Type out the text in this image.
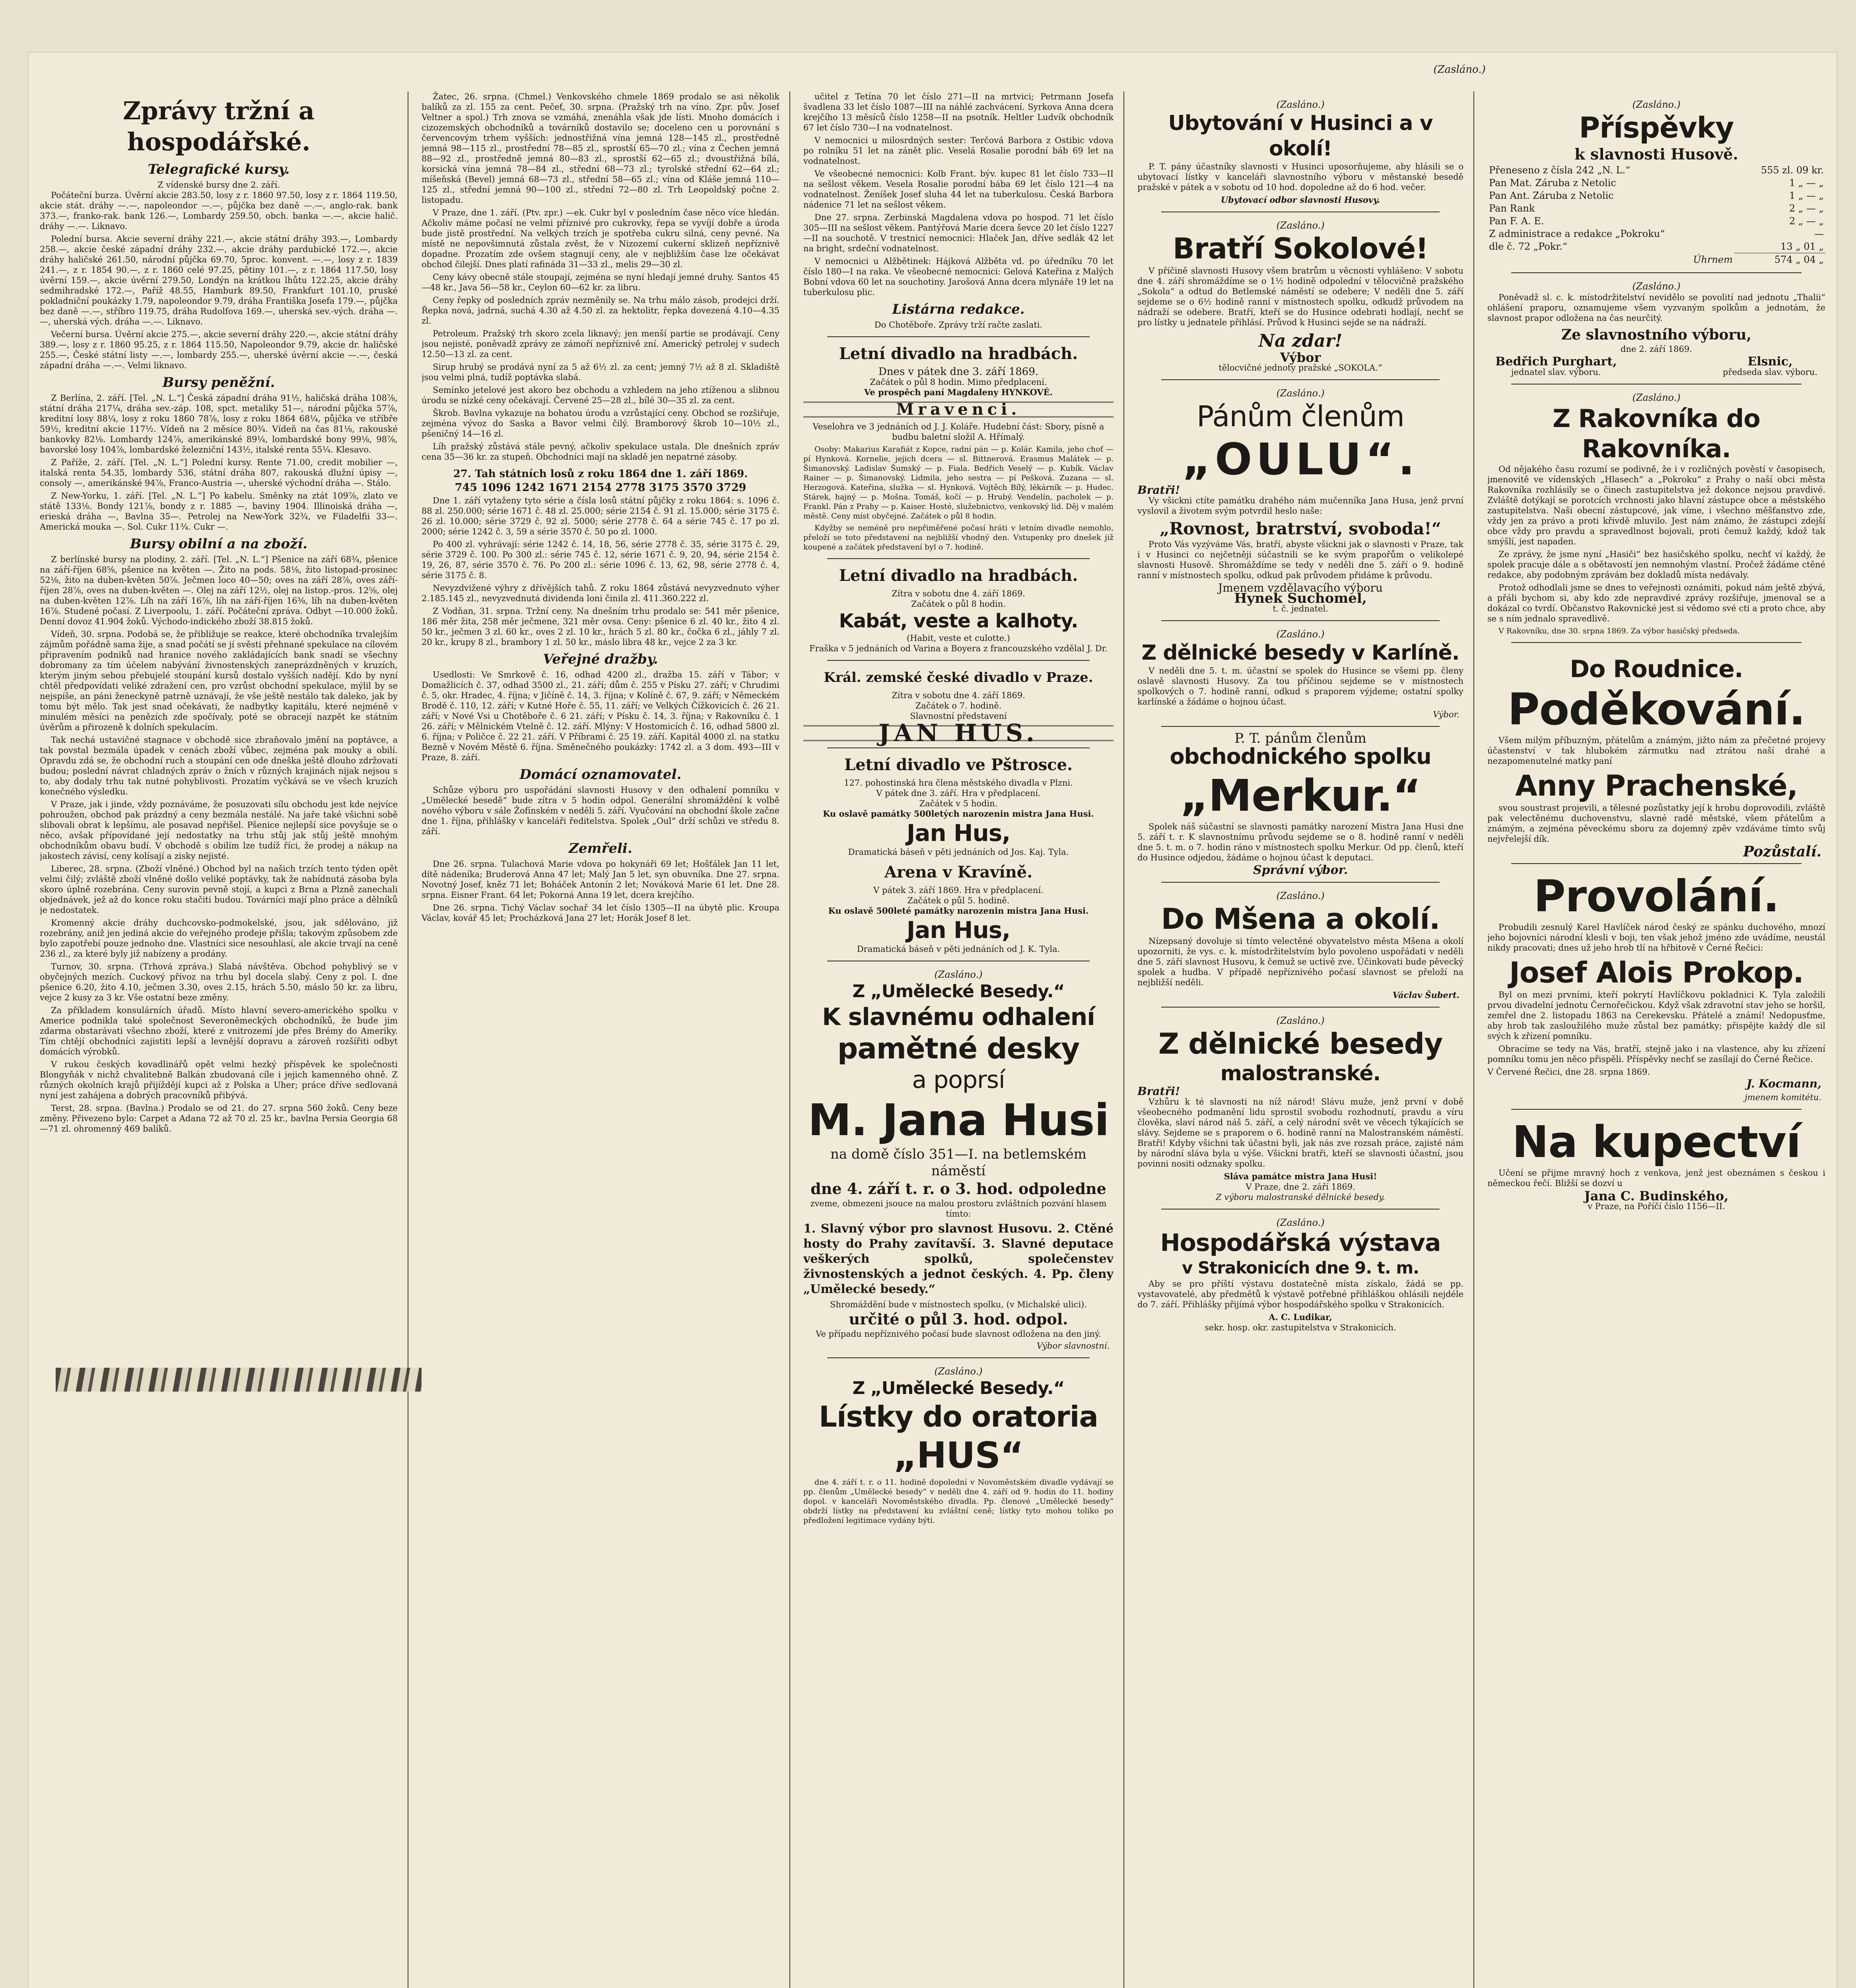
(Zasláno.)
Zprávy tržní a hospodářské.
Telegrafické kursy.
Z vídenské bursy dne 2. září.

Počáteční burza. Úvěrní akcie 283.50, losy z r. 1860 97.50, losy z r. 1864 119.50, akcie stát. dráhy —.—, napoleondor —.—, půjčka bez daně —.—, anglo-rak. bank 373.—, franko-rak. bank 126.—, Lombardy 259.50, obch. banka —.—, akcie halič. dráhy —.—. Liknavo.

Polední bursa. Akcie severní dráhy 221.—, akcie státní dráhy 393.—, Lombardy 258.—, akcie české západní dráhy 232.—, akcie dráhy pardubické 172.—, akcie dráhy haličské 261.50, národní půjčka 69.70, 5proc. konvent. —.—, losy z r. 1839 241.—, z r. 1854 90.—, z r. 1860 celé 97.25, pětiny 101.—, z r. 1864 117.50, losy úvěrní 159.—, akcie úvěrní 279.50, Londýn na krátkou lhůtu 122.25, akcie dráhy sedmihradské 172.—, Paříž 48.55, Hamburk 89.50, Frankfurt 101.10, pruské pokladniční poukázky 1.79, napoleondor 9.79, dráha Františka Josefa 179.—, půjčka bez daně —.—, stříbro 119.75, dráha Rudolfova 169.—, uherská sev.-vých. dráha —.—, uherská vých. dráha —.—. Liknavo.

Večerní bursa. Úvěrní akcie 275.—, akcie severní dráhy 220.—, akcie státní dráhy 389.—, losy z r. 1860 95.25, z r. 1864 115.50, Napoleondor 9.79, akcie dr. haličské 255.—, České státní listy —.—, lombardy 255.—, uherské úvěrní akcie —.—, česká západní dráha —.—. Velmi liknavo.

Bursy peněžní.

Z Berlína, 2. září. [Tel. „N. L.“] Česká západní dráha 91½, haličská dráha 108⅞, státní dráha 217¼, dráha sev.-záp. 108, spct. metaliky 51—, národní půjčka 57⅞, kreditní losy 88¼, losy z roku 1860 78⅞, losy z roku 1864 68¼, půjčka ve stříbře 59½, kreditní akcie 117½. Vídeň na 2 měsíce 80¾. Vídeň na čas 81⅛, rakouské bankovky 82⅛. Lombardy 124⅞, amerikánské 89¼, lombardské bony 99⅛, 98⅞, bavorské losy 104⅞, lombardské železniční 143½, italské renta 55¼. Klesavo.

Z Paříže, 2. září. [Tel. „N. L.“] Polední kursy. Rente 71.00, credit mobilier —, italská renta 54.35, lombardy 536, státní dráha 807, rakouská dlužní úpisy —, consoly —, amerikánské 94⅞, Franco-Austria —, uherské východní dráha —. Stálo.

Z New-Yorku, 1. září. [Tel. „N. L.“] Po kabelu. Směnky na ztát 109⅞, zlato ve státě 133⅛. Bondy 121⅞, bondy z r. 1885 —, baviny 1904. Illinoiská dráha —, erieská dráha —, Bavlna 35—. Petrolej na New-York 32¾, ve Filadelfii 33—. Americká mouka —. Sol. Cukr 11¾. Cukr —.

Bursy obilní a na zboží.

Z berlínské bursy na plodiny, 2. září. [Tel. „N. L.“] Pšenice na září 68¾, pšenice na září-říjen 68⅝, pšenice na květen —. Žito na pods. 58⅛, žito listopad-prosinec 52⅛, žito na duben-květen 50⅞. Ječmen loco 40—50; oves na září 28⅞, oves září-říjen 28⅞, oves na duben-květen —. Olej na září 12½, olej na listop.-pros. 12⅝, olej na duben-květen 12⅞. Líh na září 16⅞, líh na září-říjen 16⅜, líh na duben-květen 16⅞. Studené počasí. Z Liverpoolu, 1. září. Počáteční zpráva. Odbyt —10.000 žoků. Denní dovoz 41.904 žoků. Východo-indického zboží 38.815 žoků.

Vídeň, 30. srpna. Podobá se, že přibližuje se reakce, které obchodníka trvalejším zájmům pořádně sama žije, a snad počátí se jí svěsti přehnané spekulace na cílovém připravením podniků nad hranice nového zakládajících bank snadí se všechny dobromany za tím účelem nabývání živnostenských zaneprázdněných v kruzích, kterým jiným sebou přebujelé stoupání kursů dostalo vyšších nadějí. Kdo by nyní chtěl předpovídati veliké zdražení cen, pro vzrůst obchodní spekulace, mýlil by se nejspíše, an páni ženeckyně patrně uznávají, že vše ještě nestálo tak daleko, jak by tomu být mělo. Tak jest snad očekávati, že nadbytky kapitálu, které nejméně v minulém měsíci na penězích zde spočívaly, poté se obracejí nazpět ke státním úvěrům a přirozeně k dolních spekulacím.

Tak nechá ustavičné stagnace v obchodě sice zbraňovalo jmění na poptávce, a tak povstal bezmála úpadek v cenách zboží vůbec, zejména pak mouky a obilí. Opravdu zdá se, že obchodní ruch a stoupání cen ode dneška ještě dlouho zdržovati budou; poslední návrat chladných zpráv o žních v různých krajinách nijak nejsou s to, aby dodaly trhu tak nutné pohyblivosti. Prozatím vyčkává se ve všech kruzích konečného výsledku.

V Praze, jak i jinde, vždy poznáváme, že posuzovati sílu obchodu jest kde nejvíce pohroužen, obchod pak prázdný a ceny bezmála nestálé. Na jaře také všichni sobě slibovali obrat k lepšímu, ale posavad nepřišel. Pšenice nejlepší sice povyšuje se o něco, avšak přípovídané její nedostatky na trhu stůj jak stůj ještě mnohým obchodníkům obavu budí. V obchodě s obilím lze tudíž říci, že prodej a nákup na jakostech závisí, ceny kolísají a zisky nejisté.

Liberec, 28. srpna. (Zboží vlněné.) Obchod byl na našich trzích tento týden opět velmi čilý; zvláště zboží vlněné došlo veliké poptávky, tak že nabídnutá zásoba byla skoro úplně rozebrána. Ceny surovin pevně stojí, a kupci z Brna a Plzně zanechali objednávek, jež až do konce roku stačiti budou. Továrníci mají plno práce a dělníků je nedostatek.

Kromenný akcie dráhy duchcovsko-podmokelské, jsou, jak sdělováno, již rozebrány, aniž jen jediná akcie do veřejného prodeje přišla; takovým způsobem zde bylo zapotřebí pouze jednoho dne. Vlastníci sice nesouhlasí, ale akcie trvají na ceně 236 zl., za které byly již nabízeny a prodány.

Turnov, 30. srpna. (Trhová zpráva.) Slabá návštěva. Obchod pohyblivý se v obyčejných mezích. Cuckový přívoz na trhu byl docela slabý. Ceny z pol. I. dne pšenice 6.20, žito 4.10, ječmen 3.30, oves 2.15, hrách 5.50, máslo 50 kr. za libru, vejce 2 kusy za 3 kr. Vše ostatní beze změny.

Za příkladem konsulárních úřadů. Místo hlavní severo-amerického spolku v Americe podnikla také společnost Severoněmeckých obchodníků, že bude jim zdarma obstarávati všechno zboží, které z vnitrozemí jde přes Brémy do Ameriky. Tím chtějí obchodníci zajistiti lepší a levnější dopravu a zároveň rozšířiti odbyt domácích výrobků.

V rukou českých kovadlinářů opět velmi hezký příspěvek ke společnosti Blongyňák v nichž chvalitebně Balkán zbudovaná cíle i jejich kamenného ohně. Z různých okolních krajů přijíždějí kupci až z Polska a Uher; práce dříve sedlovaná nyní jest zahájena a dobrých pracovníků přibývá.

Terst, 28. srpna. (Bavlna.) Prodalo se od 21. do 27. srpna 560 žoků. Ceny beze změny. Přivezeno bylo: Carpet a Adana 72 až 70 zl. 25 kr., bavlna Persia Georgia 68—71 zl. ohromenný 469 balíků.

Žatec, 26. srpna. (Chmel.) Venkovského chmele 1869 prodalo se asi několik balíků za zl. 155 za cent. Pečeť, 30. srpna. (Pražský trh na víno. Zpr. pův. Josef Veltner a spol.) Trh znova se vzmáhá, znenáhla však jde lísti. Mnoho domácích i cizozemských obchodníků a továrníků dostavilo se; doceleno cen u porovnání s červencovým trhem vyšších: jednostřižná vína jemná 128—145 zl., prostředně jemná 98—115 zl., prostřední 78—85 zl., sprostší 65—70 zl.; vína z Čechen jemná 88—92 zl., prostředně jemná 80—83 zl., sprostší 62—65 zl.; dvoustřižná bílá, korsická vína jemná 78—84 zl., střední 68—73 zl.; tyrolské střední 62—64 zl.; míšeňská (Bevel) jemná 68—73 zl., střední 58—65 zl.; vína od Kláše jemná 110—125 zl., střední jemná 90—100 zl., střední 72—80 zl. Trh Leopoldský počne 2. listopadu.

V Praze, dne 1. září. (Ptv. zpr.) —ek. Cukr byl v posledním čase něco více hledán. Ačkoliv máme počasí ne velmi příznivé pro cukrovky, řepa se vyvíjí dobře a úroda bude jistě prostřední. Na velkých trzích je spotřeba cukru silná, ceny pevné. Na místě ne nepovšimnutá zůstala zvěst, že v Nizozemí cukerní sklizeň nepříznivě dopadne. Prozatím zde ovšem stagnují ceny, ale v nejbližším čase lze očekávat obchod čilejší. Dnes platí rafináda 31—33 zl., melis 29—30 zl.

Ceny kávy obecně stále stoupají, zejména se nyní hledají jemné druhy. Santos 45—48 kr., Java 56—58 kr., Ceylon 60—62 kr. za libru.

Ceny řepky od posledních zpráv nezměnily se. Na trhu málo zásob, prodejci drží. Řepka nová, jadrná, suchá 4.30 až 4.50 zl. za hektolitr, řepka dovezená 4.10—4.35 zl.

Petroleum. Pražský trh skoro zcela liknavý; jen menší partie se prodávají. Ceny jsou nejisté, poněvadž zprávy ze zámoří nepříznivě zní. Americký petrolej v sudech 12.50—13 zl. za cent.

Sirup hrubý se prodává nyní za 5 až 6½ zl. za cent; jemný 7½ až 8 zl. Skladiště jsou velmi plná, tudíž poptávka slabá.

Semínko jetelové jest akoro bez obchodu a vzhledem na jeho ztíženou a slibnou úrodu se nízké ceny očekávají. Červené 25—28 zl., bílé 30—35 zl. za cent.

Škrob. Bavlna vykazuje na bohatou úrodu a vzrůstající ceny. Obchod se rozšiřuje, zejména vývoz do Saska a Bavor velmi čilý. Bramborový škrob 10—10½ zl., pšeničný 14—16 zl.

Líh pražský zůstává stále pevný, ačkoliv spekulace ustala. Dle dnešních zpráv cena 35—36 kr. za stupeň. Obchodníci mají na skladě jen nepatrné zásoby.

27. Tah státních losů z roku 1864 dne 1. září 1869.
745 1096 1242 1671 2154 2778 3175 3570 3729

Dne 1. září vytaženy tyto série a čísla losů státní půjčky z roku 1864: s. 1096 č. 88 zl. 250.000; série 1671 č. 48 zl. 25.000; série 2154 č. 91 zl. 15.000; série 3175 č. 26 zl. 10.000; série 3729 č. 92 zl. 5000; série 2778 č. 64 a série 745 č. 17 po zl. 2000; série 1242 č. 3, 59 a série 3570 č. 50 po zl. 1000.

Po 400 zl. vyhrávají: série 1242 č. 14, 18, 56, série 2778 č. 35, série 3175 č. 29, série 3729 č. 100. Po 300 zl.: série 745 č. 12, série 1671 č. 9, 20, 94, série 2154 č. 19, 26, 87, série 3570 č. 76. Po 200 zl.: série 1096 č. 13, 62, 98, série 2778 č. 4, série 3175 č. 8.

Nevyzdvižené výhry z dřívějších tahů. Z roku 1864 zůstává nevyzvednuto výher 2.185.145 zl., nevyzvednutá dividenda loni činila zl. 411.360.222 zl.

Z Vodňan, 31. srpna. Tržní ceny. Na dnešním trhu prodalo se: 541 měr pšenice, 186 měr žita, 258 měr ječmene, 321 měr ovsa. Ceny: pšenice 6 zl. 40 kr., žito 4 zl. 50 kr., ječmen 3 zl. 60 kr., oves 2 zl. 10 kr., hrách 5 zl. 80 kr., čočka 6 zl., jáhly 7 zl. 20 kr., krupy 8 zl., brambory 1 zl. 50 kr., máslo libra 48 kr., vejce 2 za 3 kr.

Veřejné dražby.

Usedlosti: Ve Smrkově č. 16, odhad 4200 zl., dražba 15. září v Tábor; v Domažlicích č. 37, odhad 3500 zl., 21. září; dům č. 255 v Písku 27. září; v Chrudimi č. 5, okr. Hradec, 4. října; v Jičíně č. 14, 3. října; v Kolíně č. 67, 9. září; v Německém Brodě č. 110, 12. září; v Kutné Hoře č. 55, 11. září; ve Velkých Čížkovicích č. 26 21. září; v Nové Vsi u Chotěboře č. 6 21. září; v Písku č. 14, 3. října; v Rakovníku č. 1 26. září; v Mělnickém Vtelně č. 12. září. Mlýny: V Hostomicích č. 16, odhad 5800 zl. 6. října; v Poličce č. 22 21. září. V Příbrami č. 25 19. září. Kapitál 4000 zl. na statku Bezně v Novém Městě 6. října. Směnečného poukázky: 1742 zl. a 3 dom. 493—III v Praze, 8. září.

Domácí oznamovatel.

Schůze výboru pro uspořádání slavnosti Husovy v den odhalení pomníku v „Umělecké besedě“ bude zítra v 5 hodin odpol. Generální shromáždění k volbě nového výboru v sále Žofínském v neděli 5. září. Vyučování na obchodní škole začne dne 1. října, přihlášky v kanceláři ředitelstva. Spolek „Oul“ drží schůzi ve středu 8. září.

Zemřeli.

Dne 26. srpna. Tulachová Marie vdova po hokynáři 69 let; Hošťálek Jan 11 let, dítě nádeníka; Bruderová Anna 47 let; Malý Jan 5 let, syn obuvníka. Dne 27. srpna. Novotný Josef, kněz 71 let; Boháček Antonín 2 let; Nováková Marie 61 let. Dne 28. srpna. Eisner Frant. 64 let; Pokorná Anna 19 let, dcera krejčího.

Dne 26. srpna. Tichý Václav sochař 34 let číslo 1305—II na úbytě plic. Kroupa Václav, kovář 45 let; Procházková Jana 27 let; Horák Josef 8 let.

učitel z Tetína 70 let číslo 271—II na mrtvici; Petrmann Josefa švadlena 33 let číslo 1087—III na náhlé zachvácení. Syrkova Anna dcera krejčího 13 měsíců číslo 1258—II na psotník. Heltler Ludvík obchodník 67 let číslo 730—I na vodnatelnost.

V nemocnici u milosrdných sester: Terčová Barbora z Ostibic vdova po rolníku 51 let na zánět plic. Veselá Rosalie porodní báb 69 let na vodnatelnost.

Ve všeobecné nemocnici: Kolb Frant. býv. kupec 81 let číslo 733—II na sešlost věkem. Vesela Rosalie porodní bába 69 let číslo 121—4 na vodnatelnost. Ženíšek Josef sluha 44 let na tuberkulosu. Česká Barbora nádenice 71 let na sešlost věkem.

Dne 27. srpna. Zerbinská Magdalena vdova po hospod. 71 let číslo 305—III na sešlost věkem. Pantýřová Marie dcera ševce 20 let číslo 1227—II na souchotě. V trestnicí nemocnici: Hlaček Jan, dříve sedlák 42 let na bright, srdeční vodnatelnost.

V nemocnici u Alžbětinek: Hájková Alžběta vd. po úředníku 70 let číslo 180—I na raka. Ve všeobecné nemocnici: Gelová Kateřina z Malých Bobní vdova 60 let na souchotiny. Jarošová Anna dcera mlynáře 19 let na tuberkulosu plic.

Listárna redakce.

Do Chotěboře. Zprávy trží račte zaslati.

Letní divadlo na hradbách.
Dnes v pátek dne 3. září 1869.
Začátek o půl 8 hodin. Mimo předplacení.
Ve prospěch paní Magdaleny HYNKOVÉ.
Mravenci.

Veselohra ve 3 jednáních od J. J. Koláře. Hudební část: Sbory, písně a budbu baletní složil A. Hřímalý.

Osoby: Makarius Karafiát z Kopce, radní pán — p. Kolár. Kamila, jeho choť — pí Hynková. Kornelie, jejich dcera — sl. Bittnerová. Erasmus Malátek — p. Šimanovský. Ladislav Šumský — p. Fiala. Bedřich Veselý — p. Kubík. Václav Rainer — p. Šimanovský. Lidmila, jeho sestra — pí Pešková. Zuzana — sl. Herzogová. Kateřina, služka — sl. Hynková. Vojtěch Bílý, lékárník — p. Hudec. Stárek, hajný — p. Mošna. Tomáš, kočí — p. Hrubý. Vendelín, pacholek — p. Frankl. Pán z Prahy — p. Kaiser. Hosté, služebnictvo, venkovský lid. Děj v malém městě. Ceny míst obyčejné. Začátek o půl 8 hodin.

Kdyžby se neméně pro nepřiměřené počasí hráti v letním divadle nemohlo, přeloží se toto představení na nejbližší vhodný den. Vstupenky pro dnešek již koupené a začátek představení byl o 7. hodině.

Letní divadlo na hradbách.
Zítra v sobotu dne 4. září 1869.
Začátek o půl 8 hodin.
Kabát, veste a kalhoty.
(Habit, veste et culotte.)
Fraška v 5 jednáních od Varina a Boyera z francouzského vzdělal J. Dr.
Král. zemské české divadlo v Praze.
Zítra v sobotu dne 4. září 1869.
Začátek o 7. hodině.
Slavnostní představení
JAN HUS.
Letní divadlo ve Pštrosce.
127. pohostinská hra člena městského divadla v Plzni.
V pátek dne 3. září. Hra v předplacení.
Začátek v 5 hodin.
Ku oslavě památky 500letých narozenin mistra Jana Husi.
Jan Hus,
Dramatická báseň v pěti jednáních od Jos. Kaj. Tyla.
Arena v Kravíně.
V pátek 3. září 1869. Hra v předplacení.
Začátek o půl 5. hodině.
Ku oslavě 500leté památky narozenin mistra Jana Husi.
Jan Hus,
Dramatická báseň v pěti jednáních od J. K. Tyla.
(Zasláno.)
Z „Umělecké Besedy.“
K slavnému odhalení
pamětné desky
a poprsí
M. Jana Husi
na domě číslo 351—I. na betlemském náměstí
dne 4. září t. r. o 3. hod. odpoledne

zveme, obmezeni jsouce na malou prostoru zvláštních pozvání hlasem tímto:

1. Slavný výbor pro slavnost Husovu. 2. Ctěné hosty do Prahy zavítavší. 3. Slavné deputace veškerých spolků, společenstev živnostenských a jednot českých. 4. Pp. členy „Umělecké besedy.“

Shromáždění bude v místnostech spolku, (v Michalské ulici).
určité o půl 3. hod. odpol.
Ve případu nepříznivého počasí bude slavnost odložena na den jiný.
Výbor slavnostní.
(Zasláno.)
Z „Umělecké Besedy.“
Lístky do oratoria
„HUS“

dne 4. září t. r. o 11. hodině dopolední v Novoměstském divadle vydávají se pp. členům „Umělecké besedy“ v neděli dne 4. září od 9. hodin do 11. hodiny dopol. v kanceláři Novoměstského divadla. Pp. členové „Umělecké besedy“ obdrží lístky na představení ku zvláštní ceně; lístky tyto mohou toliko po předložení legitimace vydány býti.

(Zasláno.)
Ubytování v Husinci a v okolí!

P. T. pány účastníky slavnosti v Husinci uposorňujeme, aby hlásili se o ubytovací lístky v kanceláři slavnostního výboru v městanské besedě pražské v pátek a v sobotu od 10 hod. dopoledne až do 6 hod. večer.

Ubytovací odbor slavnosti Husovy.
(Zasláno.)
Bratří Sokolové!

V příčině slavnosti Husovy všem bratrům u věcnosti vyhlášeno: V sobotu dne 4. září shromáždíme se o 1½ hodině odpolední v tělocvičně pražského „Sokola“ a odtud do Betlemské náměstí se odebere; V neděli dne 5. září sejdeme se o 6½ hodině ranní v místnostech spolku, odkudž průvodem na nádraží se odebere. Bratří, kteří se do Husince odebrati hodlají, nechť se pro lístky u jednatele přihlásí. Průvod k Husinci sejde se na nádraží.

Na zdar!
Výbor
tělocvičné jednoty pražské „SOKOLA.“
(Zasláno.)
Pánům členům
„OULU“.
Bratři!

Vy všickni ctíte památku drahého nám mučenníka Jana Husa, jenž první vyslovil a životem svým potvrdil heslo naše:

„Rovnost, bratrství, svoboda!“

Proto Vás vyzýváme Vás, bratří, abyste všickni jak o slavnosti v Praze, tak i v Husinci co nejčetněji súčastnili se ke svým prapořům o velikolepé slavnosti Husově. Shromáždíme se tedy v neděli dne 5. září o 9. hodině ranní v místnostech spolku, odkud pak průvodem přidáme k průvodu.

Jmenem vzdělavacího výboru
Hynek Suchomel,
t. č. jednatel.
(Zasláno.)
Z dělnické besedy v Karlíně.

V neděli dne 5. t. m. účastní se spolek do Husince se všemi pp. členy oslavě slavnosti Husovy. Za tou příčinou sejdeme se v místnostech spolkových o 7. hodině ranní, odkud s praporem výjdeme; ostatní spolky karlínské a žádáme o hojnou účast.

Výbor.
P. T. pánům členům
obchodnického spolku
„Merkur.“

Spolek náš súčastní se slavnosti památky narození Mistra Jana Husi dne 5. září t. r. K slavnostnímu průvodu sejdeme se o 8. hodině ranní v neděli dne 5. t. m. o 7. hodin ráno v místnostech spolku Merkur. Od pp. členů, kteří do Husince odjedou, žádáme o hojnou účast k deputaci.

Správní výbor.
(Zasláno.)
Do Mšena a okolí.

Nízepsaný dovoluje si tímto velectěné obyvatelstvo města Mšena a okolí upozorniti, že vys. c. k. místodržitelstvím bylo povoleno uspořádati v neděli dne 5. září slavnost Husovu, k čemuž se uctivě zve. Účinkovati bude pěvecký spolek a hudba. V případě nepříznivého počasí slavnost se přeloží na nejbližší neděli.

Václav Šubert.
(Zasláno.)
Z dělnické besedy
malostranské.
Bratři!

Vzhůru k té slavnosti na níž národ! Slávu muže, jenž první v době všeobecného podmanění lidu sprostil svobodu rozhodnutí, pravdu a víru člověka, slaví národ náš 5. září, a celý národní svět ve věcech týkajících se slávy. Sejdeme se s praporem o 6. hodině ranní na Malostranském náměstí. Bratři! Kdyby všichni tak účastni byli, jak nás zve rozsah práce, zajisté nám by národní sláva byla u výše. Všickni bratři, kteří se slavnosti účastní, jsou povinni nositi odznaky spolku.

Sláva památce mistra Jana Husi!
V Praze, dne 2. září 1869.
Z výboru malostranské dělnické besedy.
(Zasláno.)
Hospodářská výstava
v Strakonicích dne 9. t. m.

Aby se pro příští výstavu dostatečně místa získalo, žádá se pp. vystavovatelé, aby předmětů k výstavě potřebné přihláškou ohlásili nejdéle do 7. září. Přihlášky přijímá výbor hospodářského spolku v Strakonicích.

A. C. Ludikar,
sekr. hosp. okr. zastupitelstva v Strakonicích.
(Zasláno.)
Příspěvky
k slavnosti Husově.
Přeneseno z čísla 242 „N. L.“	555 zl. 09 kr.
Pan Mat. Záruba z Netolic	1 „ — „
Pan Ant. Záruba z Netolic	1 „ — „
Pan Rank	2 „ — „
Pan F. A. E.	2 „ — „
Z administrace a redakce „Pokroku“	—
dle č. 72 „Pokr.“	13 „ 01 „
Úhrnem	574 „ 04 „
(Zasláno.)

Poněvadž sl. c. k. místodržitelství nevidělo se povolití nad jednotu „Thalii“ ohlášení praporu, oznamujeme všem vyzvaným spolkům a jednotám, že slavnost prapor odložena na čas neurčitý.

Ze slavnostního výboru,
dne 2. září 1869.
Bedřich Purghart,
jednatel slav. výboru.
Elsnic,
předseda slav. výboru.
(Zasláno.)
Z Rakovníka do Rakovníka.

Od nějakého času rozumí se podivně, že i v rozličných pověstí v časopisech, jmenovitě ve vídenských „Hlasech“ a „Pokroku“ z Prahy o naší obci města Rakovníka rozhlásily se o činech zastupitelstva jež dokonce nejsou pravdivé. Zvláště dotýkají se porotcích vrchnosti jako hlavní zástupce obce a městského zastupitelstva. Naši obecní zástupcové, jak víme, i všechno měšťanstvo zde, vždy jen za právo a proti křivdě mluvilo. Jest nám známo, že zástupci zdejší obce vždy pro pravdu a spravedlnost bojovali, proti čemuž každý, kdož tak smýšlí, jest napaden.

Ze zprávy, že jsme nyní „Hasiči“ bez hasičského spolku, nechť ví každý, že spolek pracuje dále a s obětavostí jen nemnohým vlastní. Pročež žádáme ctěné redakce, aby podobným zprávám bez dokladů místa nedávaly.

Protož odhodlali jsme se dnes to veřejnosti oznámiti, pokud nám ještě zbývá, a přáli bychom si, aby kdo zde nepravdivé zprávy rozšiřuje, jmenoval se a dokázal co tvrdí. Občanstvo Rakovnické jest si vědomo své cti a proto chce, aby se s ním jednalo spravedlivě.

V Rakovníku, dne 30. srpna 1869. Za výbor hasičský předseda.

Do Roudnice.
Poděkování.

Všem milým příbuzným, přátelům a známým, jižto nám za přečetné projevy účastenství v tak hlubokém zármutku nad ztrátou naší drahé a nezapomenutelné matky paní

Anny Prachenské,

svou soustrast projevili, a tělesné pozůstatky její k hrobu doprovodili, zvláště pak velectěnému duchovenstvu, slavné radě městské, všem přátelům a známým, a zejména pěveckému sboru za dojemný zpěv vzdáváme tímto svůj nejvřelejší dík.

Pozůstalí.
Provolání.

Probudili zesnulý Karel Havlíček národ český ze spánku duchového, mnozí jeho bojovníci národní klesli v boji, ten však jehož jméno zde uvádíme, neustál nikdy pracovati; dnes už jeho hrob tlí na hřbitově v Černé Řečici:

Josef Alois Prokop.

Byl on mezi prvními, kteří pokrytí Havlíčkovu pokladnici K. Tyla založili prvou divadelní jednotu Černořečickou. Když však zdravotní stav jeho se horšil, zemřel dne 2. listopadu 1863 na Cerekevsku. Přátelé a známí! Nedopusťme, aby hrob tak zasloužilého muže zůstal bez památky; přispějte každý dle sil svých k zřízení pomníku.

Obracíme se tedy na Vás, bratří, stejně jako i na vlastence, aby ku zřízení pomníku tomu jen něco přispěli. Příspěvky nechť se zasílají do Černé Řečice.

V Červené Řečici, dne 28. srpna 1869.
J. Kocmann,
jmenem komitétu.
Na kupectví

Učení se přijme mravný hoch z venkova, jenž jest obeznámen s českou i německou řečí. Bližší se dozví u

Jana C. Budinského,
v Praze, na Poříčí číslo 1156—II.
